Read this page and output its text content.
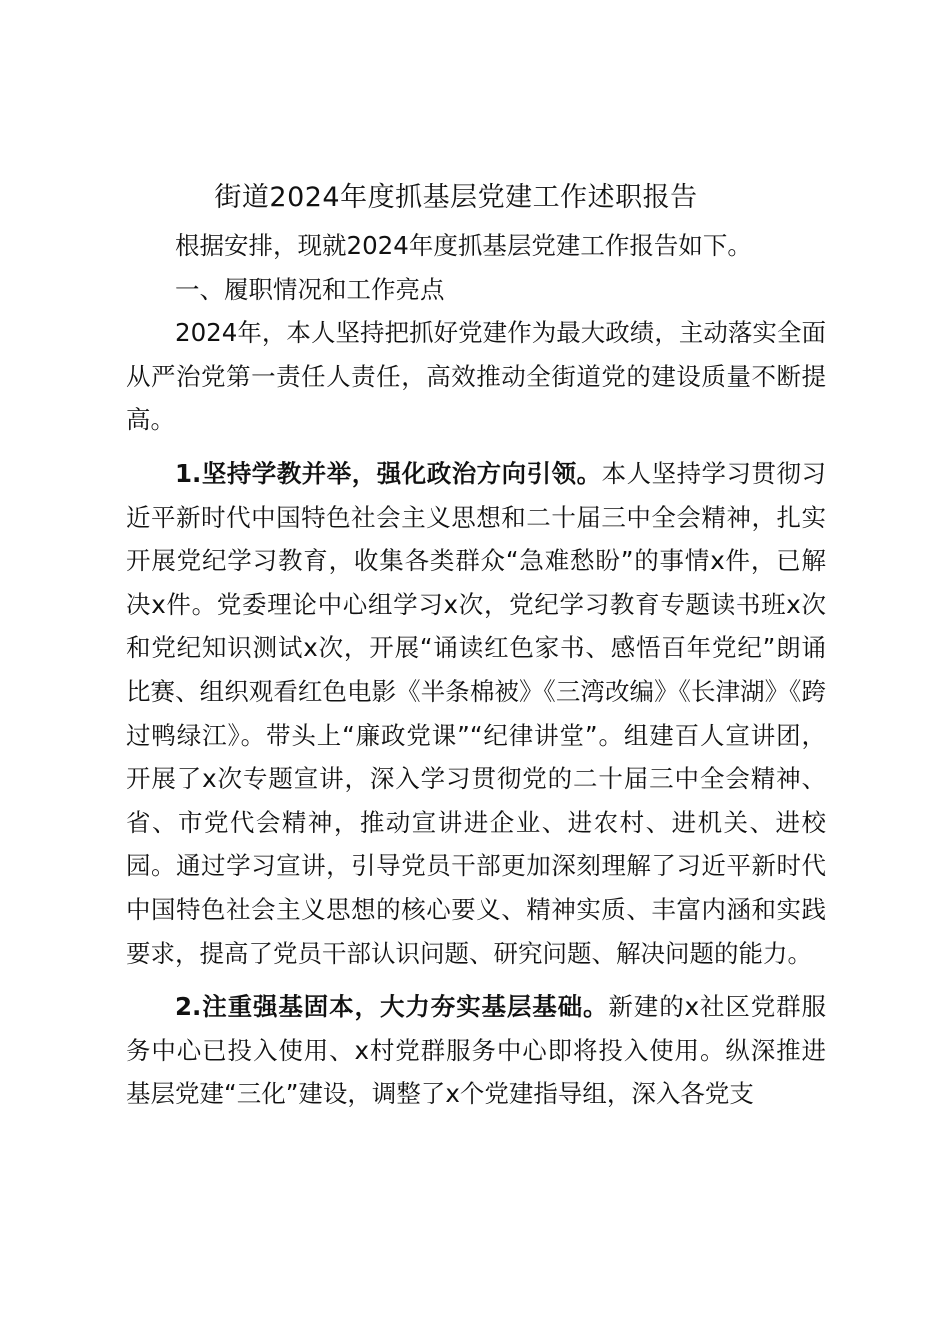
街道2024年度抓基层党建工作述职报告

根据安排，现就2024年度抓基层党建工作报告如下。

一、履职情况和工作亮点

2024年，本人坚持把抓好党建作为最大政绩，主动落实全面从严治党第一责任人责任，高效推动全街道党的建设质量不断提高。

1.坚持学教并举，强化政治方向引领。本人坚持学习贯彻习近平新时代中国特色社会主义思想和二十届三中全会精神，扎实开展党纪学习教育，收集各类群众“急难愁盼”的事情x件，已解决x件。党委理论中心组学习x次，党纪学习教育专题读书班x次和党纪知识测试x次，开展“诵读红色家书、感悟百年党纪”朗诵比赛、组织观看红色电影《半条棉被》《三湾改编》《长津湖》《跨过鸭绿江》。带头上“廉政党课”“纪律讲堂”。组建百人宣讲团，开展了x次专题宣讲，深入学习贯彻党的二十届三中全会精神、省、市党代会精神，推动宣讲进企业、进农村、进机关、进校园。通过学习宣讲，引导党员干部更加深刻理解了习近平新时代中国特色社会主义思想的核心要义、精神实质、丰富内涵和实践要求，提高了党员干部认识问题、研究问题、解决问题的能力。

2.注重强基固本，大力夯实基层基础。新建的x社区党群服务中心已投入使用、x村党群服务中心即将投入使用。纵深推进基层党建“三化”建设，调整了x个党建指导组，深入各党支
